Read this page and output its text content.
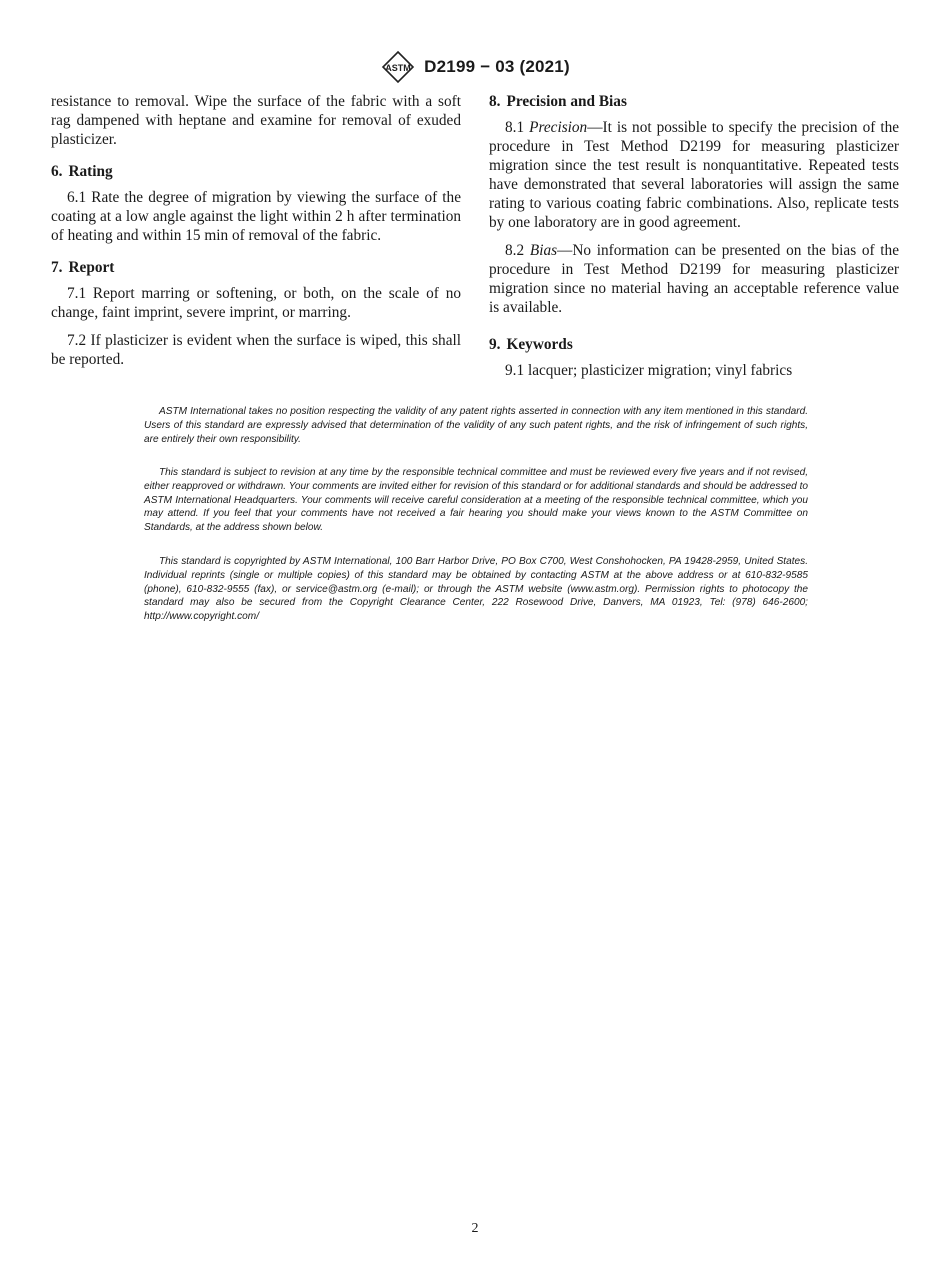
ASTM D2199 − 03 (2021)

resistance to removal. Wipe the surface of the fabric with a soft rag dampened with heptane and examine for removal of exuded plasticizer.

6. Rating

6.1 Rate the degree of migration by viewing the surface of the coating at a low angle against the light within 2 h after termination of heating and within 15 min of removal of the fabric.

7. Report

7.1 Report marring or softening, or both, on the scale of no change, faint imprint, severe imprint, or marring.

7.2 If plasticizer is evident when the surface is wiped, this shall be reported.

8. Precision and Bias

8.1 Precision—It is not possible to specify the precision of the procedure in Test Method D2199 for measuring plasticizer migration since the test result is nonquantitative. Repeated tests have demonstrated that several laboratories will assign the same rating to various coating fabric combinations. Also, replicate tests by one laboratory are in good agreement.

8.2 Bias—No information can be presented on the bias of the procedure in Test Method D2199 for measuring plasticizer migration since no material having an acceptable reference value is available.

9. Keywords

9.1 lacquer; plasticizer migration; vinyl fabrics

ASTM International takes no position respecting the validity of any patent rights asserted in connection with any item mentioned in this standard. Users of this standard are expressly advised that determination of the validity of any such patent rights, and the risk of infringement of such rights, are entirely their own responsibility.

This standard is subject to revision at any time by the responsible technical committee and must be reviewed every five years and if not revised, either reapproved or withdrawn. Your comments are invited either for revision of this standard or for additional standards and should be addressed to ASTM International Headquarters. Your comments will receive careful consideration at a meeting of the responsible technical committee, which you may attend. If you feel that your comments have not received a fair hearing you should make your views known to the ASTM Committee on Standards, at the address shown below.

This standard is copyrighted by ASTM International, 100 Barr Harbor Drive, PO Box C700, West Conshohocken, PA 19428-2959, United States. Individual reprints (single or multiple copies) of this standard may be obtained by contacting ASTM at the above address or at 610-832-9585 (phone), 610-832-9555 (fax), or service@astm.org (e-mail); or through the ASTM website (www.astm.org). Permission rights to photocopy the standard may also be secured from the Copyright Clearance Center, 222 Rosewood Drive, Danvers, MA 01923, Tel: (978) 646-2600; http://www.copyright.com/

2
